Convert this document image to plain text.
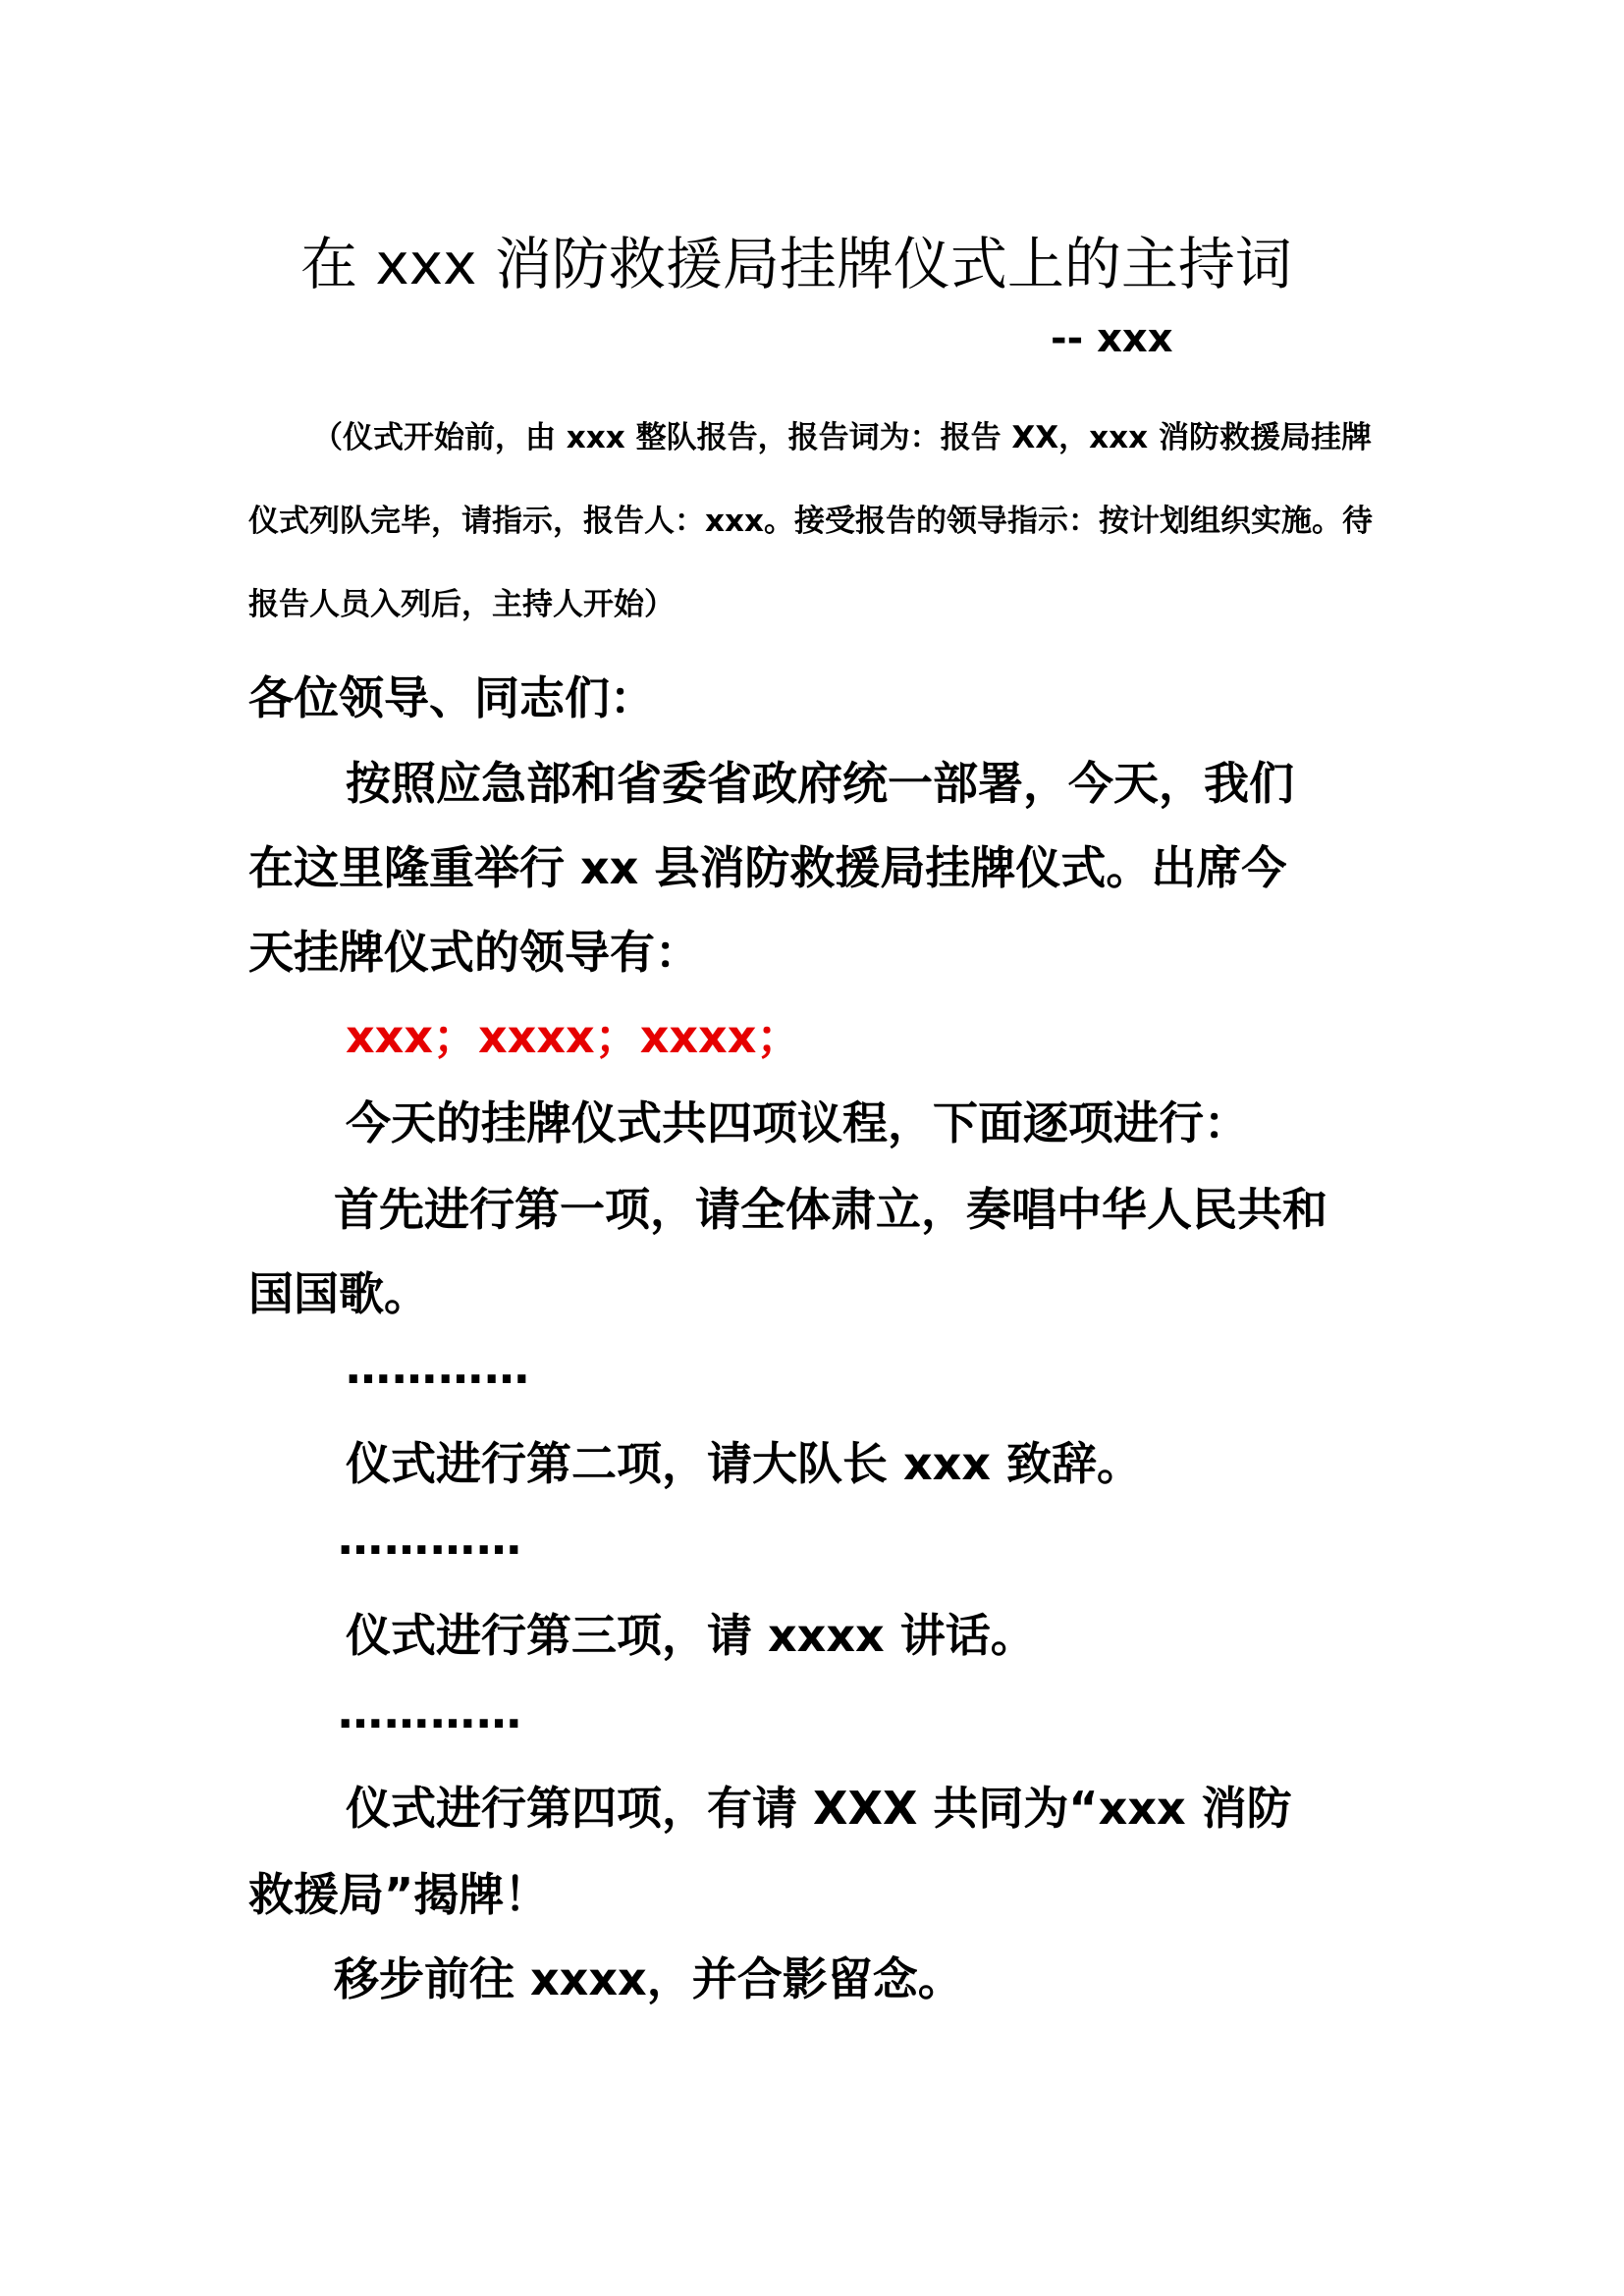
在 xxx 消防救援局挂牌仪式上的主持词

-- xxx

（仪式开始前，由 xxx 整队报告，报告词为：报告 XX，xxx 消防救援局挂牌

仪式列队完毕，请指示，报告人：xxx。接受报告的领导指示：按计划组织实施。待

报告人员入列后，主持人开始）

各位领导、同志们：

按照应急部和省委省政府统一部署，今天，我们

在这里隆重举行 xx 县消防救援局挂牌仪式。出席今

天挂牌仪式的领导有：

xxx；xxxx；xxxx；

今天的挂牌仪式共四项议程，下面逐项进行：

首先进行第一项，请全体肃立，奏唱中华人民共和

国国歌。

…………

仪式进行第二项，请大队长 xxx 致辞。

…………

仪式进行第三项，请 xxxx 讲话。

…………

仪式进行第四项，有请 XXX 共同为“xxx 消防

救援局”揭牌！

移步前往 xxxx，并合影留念。
